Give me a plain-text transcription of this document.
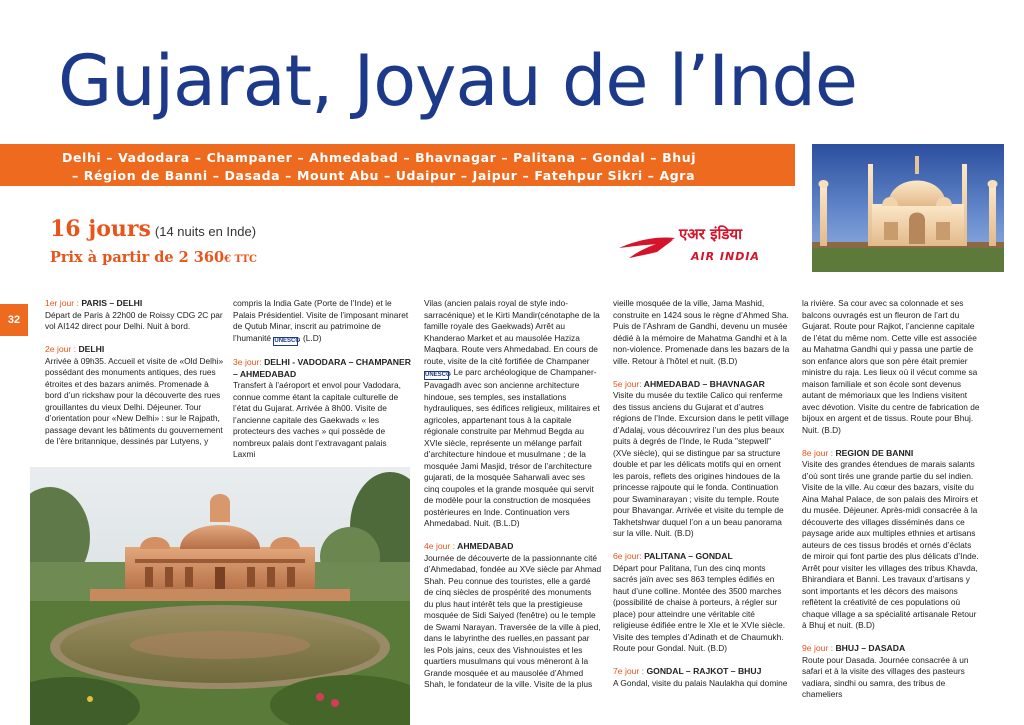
Gujarat, Joyau de l’Inde
Delhi – Vadodara – Champaner – Ahmedabad – Bhavnagar – Palitana – Gondal – Bhuj
– Région de Banni – Dasada – Mount Abu – Udaipur – Jaipur – Fatehpur Sikri – Agra
16 jours (14 nuits en Inde)
Prix à partir de 2 360€ TTC
एअर इंडिया
AIR INDIA
32

1er jour : PARIS – DELHI

Départ de Paris à 22h00 de Roissy CDG 2C par vol AI142 direct pour Delhi. Nuit à bord.

2e jour : DELHI

Arrivée à 09h35. Accueil et visite de «Old Delhi» possédant des monuments antiques, des rues étroites et des bazars animés. Promenade à bord d’un rickshaw pour la découverte des rues grouillantes du vieux Delhi. Déjeuner. Tour d’orientation pour «New Delhi» : sur le Rajpath, passage devant les bâtiments du gouvernement de l’ère britannique, dessinés par Lutyens, y

compris la India Gate (Porte de l’Inde) et le Palais Présidentiel. Visite de l’imposant minaret de Qutub Minar, inscrit au patrimoine de l’humanité UNESCO. (L.D)

3e jour: DELHI - VADODARA – CHAMPANER – AHMEDABAD

Transfert à l’aéroport et envol pour Vadodara, connue comme étant la capitale culturelle de l’état du Gujarat. Arrivée à 8h00. Visite de l’ancienne capitale des Gaekwads « les protecteurs des vaches » qui possède de nombreux palais dont l’extravagant palais Laxmi

Vilas (ancien palais royal de style indo-sarracénique) et le Kirti Mandir(cénotaphe de la famille royale des Gaekwads) Arrêt au Khanderao Market et au mausolée Haziza Maqbara. Route vers Ahmedabad. En cours de route, visite de la cité fortifiée de Champaner UNESCO. Le parc archéologique de Champaner-Pavagadh avec son ancienne architecture hindoue, ses temples, ses installations hydrauliques, ses édifices religieux, militaires et agricoles, appartenant tous à la capitale régionale construite par Mehmud Begda au XVIe siècle, représente un mélange parfait d’architecture hindoue et musulmane ; de la mosquée Jami Masjid, trésor de l’architecture gujarati, de la mosquée Saharwali avec ses cinq coupoles et la grande mosquée qui servit de modèle pour la construction de mosquées postérieures en Inde. Continuation vers Ahmedabad. Nuit. (B.L.D)

4e jour : AHMEDABAD

Journée de découverte de la passionnante cité d’Ahmedabad, fondée au XVe siècle par Ahmad Shah. Peu connue des touristes, elle a gardé de cinq siècles de prospérité des monuments du plus haut intérêt tels que la prestigieuse mosquée de Sidi Saiyed (fenêtre) ou le temple de Swami Narayan. Traversée de la ville à pied, dans le labyrinthe des ruelles,en passant par les Pols jains, ceux des Vishnouistes et les quartiers musulmans qui vous mèneront à la Grande mosquée et au mausolée d’Ahmed Shah, le fondateur de la ville. Visite de la plus

vieille mosquée de la ville, Jama Mashid, construite en 1424 sous le règne d’Ahmed Sha. Puis de l’Ashram de Gandhi, devenu un musée dédié à la mémoire de Mahatma Gandhi et à la non-violence. Promenade dans les bazars de la ville. Retour à l’hôtel et nuit. (B.D)

5e jour: AHMEDABAD – BHAVNAGAR

Visite du musée du textile Calico qui renferme des tissus anciens du Gujarat et d’autres régions de l’Inde. Excursion dans le petit village d’Adalaj, vous découvrirez l’un des plus beaux puits à degrés de l’Inde, le Ruda "stepwell" (XVe siècle), qui se distingue par sa structure double et par les délicats motifs qui en ornent les parois, reflets des origines hindoues de la princesse rajpoute qui le fonda. Continuation pour Swaminarayan ; visite du temple. Route pour Bhavangar. Arrivée et visite du temple de Takhetshwar duquel l’on a un beau panorama sur la ville. Nuit. (B.D)

6e jour: PALITANA – GONDAL

Départ pour Palitana, l’un des cinq monts sacrés jaïn avec ses 863 temples édifiés en haut d’une colline. Montée des 3500 marches (possibilité de chaise à porteurs, à régler sur place) pour atteindre une véritable cité religieuse édifiée entre le XIe et le XVIe siècle. Visite des temples d’Adinath et de Chaumukh. Route pour Gondal. Nuit. (B.D)

7e jour : GONDAL – RAJKOT – BHUJ

A Gondal, visite du palais Naulakha qui domine

la rivière. Sa cour avec sa colonnade et ses balcons ouvragés est un fleuron de l’art du Gujarat. Route pour Rajkot, l’ancienne capitale de l’état du même nom. Cette ville est associée au Mahatma Gandhi qui y passa une partie de son enfance alors que son père était premier ministre du raja. Les lieux où il vécut comme sa maison familiale et son école sont devenus autant de mémoriaux que les Indiens visitent avec dévotion. Visite du centre de fabrication de bijoux en argent et de tissus. Route pour Bhuj. Nuit. (B.D)

8e jour : REGION DE BANNI

Visite des grandes étendues de marais salants d’où sont tirés une grande partie du sel indien. Visite de la ville. Au cœur des bazars, visite du Aina Mahal Palace, de son palais des Miroirs et du musée. Déjeuner. Après-midi consacrée à la découverte des villages disséminés dans ce paysage aride aux multiples ethnies et artisans auteurs de ces tissus brodés et ornés d’éclats de miroir qui font partie des plus délicats d’Inde. Arrêt pour visiter les villages des tribus Khavda, Bhirandiara et Banni. Les travaux d’artisans y sont importants et les décors des maisons reflètent la créativité de ces populations où chaque village a sa spécialité artisanale Retour à Bhuj et nuit. (B.D)

9e jour : BHUJ – DASADA

Route pour Dasada. Journée consacrée à un safari et à la visite des villages des pasteurs vadiara, sindhi ou samra, des tribus de chameliers
